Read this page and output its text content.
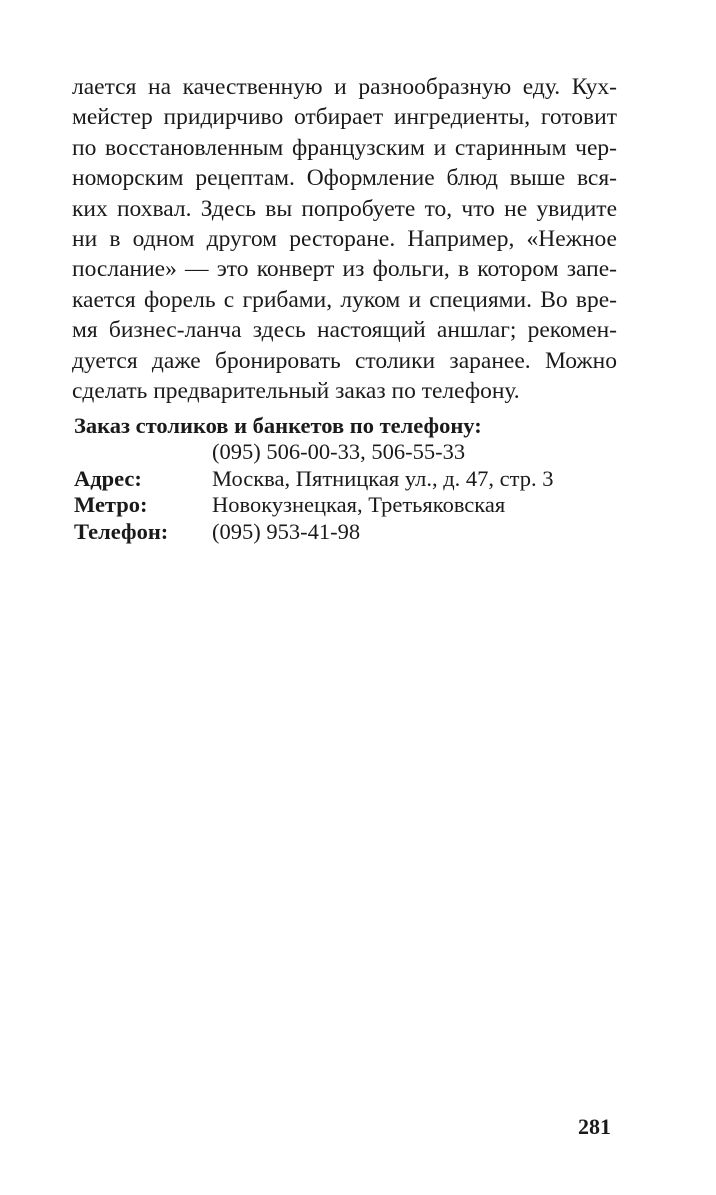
лается на качественную и разнообразную еду. Кух-
мейстер придирчиво отбирает ингредиенты, готовит
по восстановленным французским и старинным чер-
номорским рецептам. Оформление блюд выше вся-
ких похвал. Здесь вы попробуете то, что не увидите
ни в одном другом ресторане. Например, «Нежное
послание» — это конверт из фольги, в котором запе-
кается форель с грибами, луком и специями. Во вре-
мя бизнес-ланча здесь настоящий аншлаг; рекомен-
дуется даже бронировать столики заранее. Можно
сделать предварительный заказ по телефону.
Заказ столиков и банкетов по телефону:
(095) 506-00-33, 506-55-33
Адрес:	Москва, Пятницкая ул., д. 47, стр. 3
Метро:	Новокузнецкая, Третьяковская
Телефон: (095) 953-41-98
281
